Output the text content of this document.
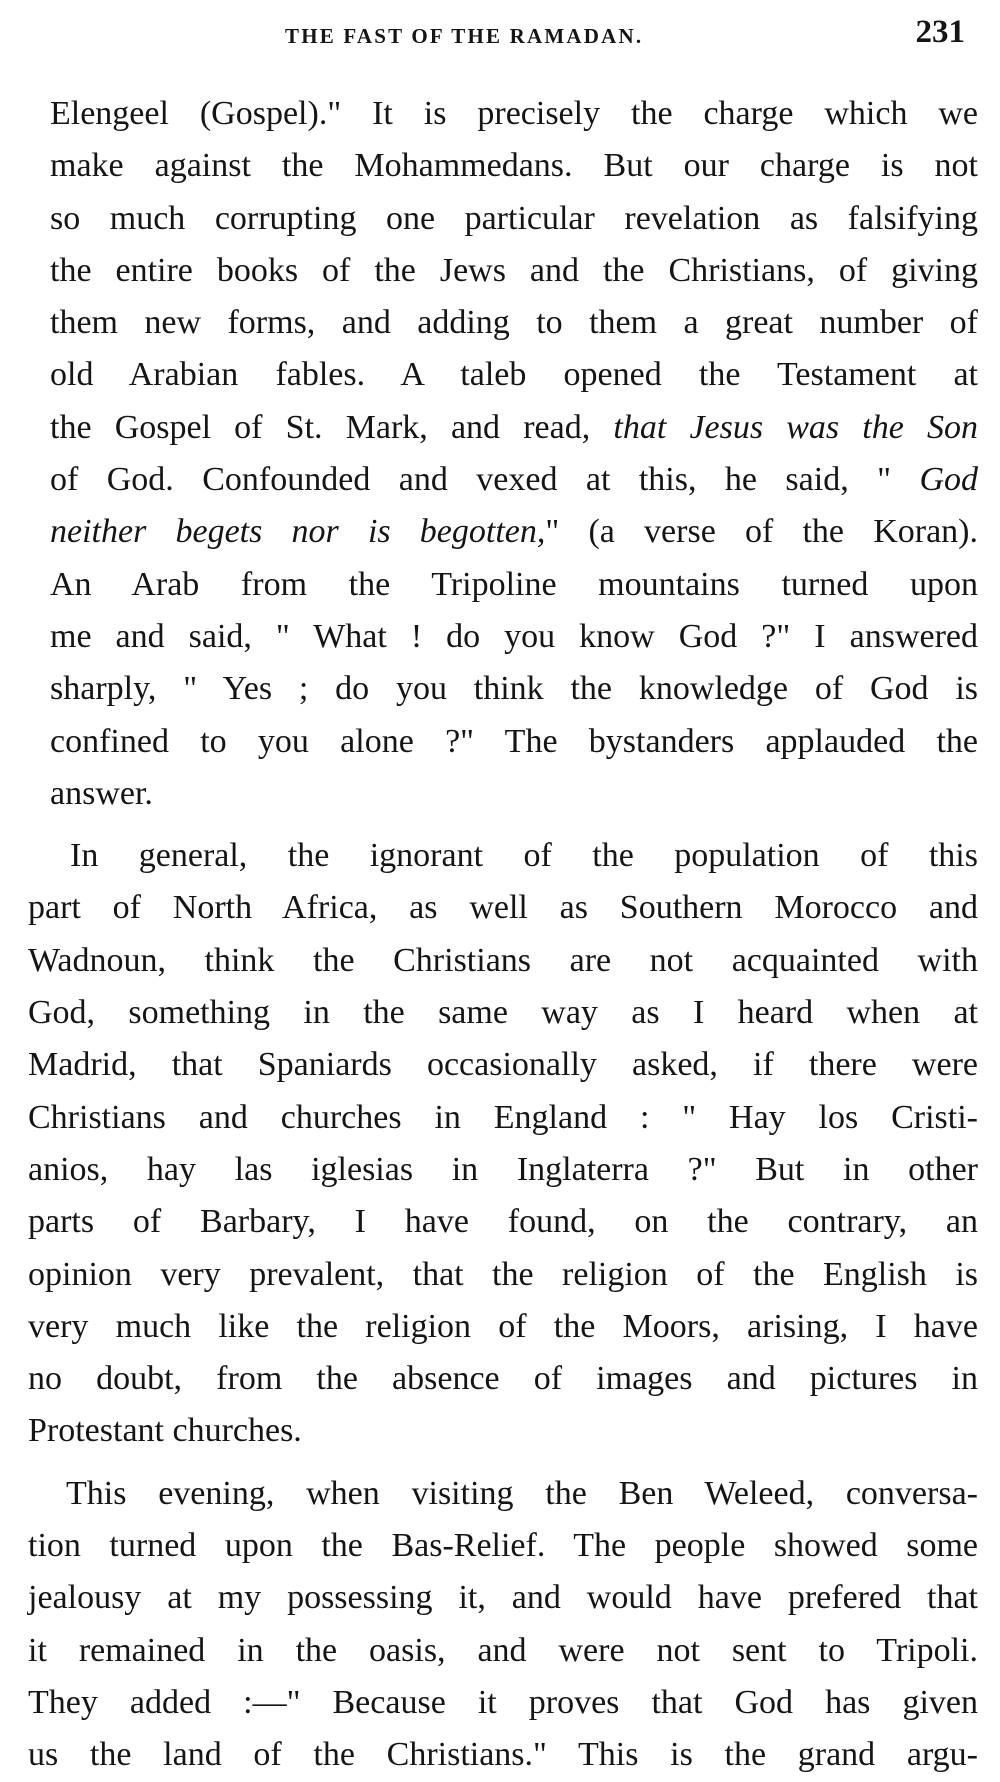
THE FAST OF THE RAMADAN.	231
Elengeel (Gospel)." It is precisely the charge which we
make against the Mohammedans. But our charge is not
so much corrupting one particular revelation as falsifying
the entire books of the Jews and the Christians, of giving
them new forms, and adding to them a great number of
old Arabian fables. A taleb opened the Testament at
the Gospel of St. Mark, and read, that Jesus was the Son
of God. Confounded and vexed at this, he said, " God
neither begets nor is begotten," (a verse of the Koran).
An Arab from the Tripoline mountains turned upon
me and said, " What ! do you know God ?" I answered
sharply, " Yes ; do you think the knowledge of God is
confined to you alone ?" The bystanders applauded the
answer.
In general, the ignorant of the population of this
part of North Africa, as well as Southern Morocco and
Wadnoun, think the Christians are not acquainted with
God, something in the same way as I heard when at
Madrid, that Spaniards occasionally asked, if there were
Christians and churches in England : " Hay los Cristi-
anios, hay las iglesias in Inglaterra ?" But in other
parts of Barbary, I have found, on the contrary, an
opinion very prevalent, that the religion of the English is
very much like the religion of the Moors, arising, I have
no doubt, from the absence of images and pictures in
Protestant churches.
This evening, when visiting the Ben Weleed, conversa-
tion turned upon the Bas-Relief. The people showed some
jealousy at my possessing it, and would have prefered that
it remained in the oasis, and were not sent to Tripoli.
They added :—" Because it proves that God has given
us the land of the Christians." This is the grand argu-
